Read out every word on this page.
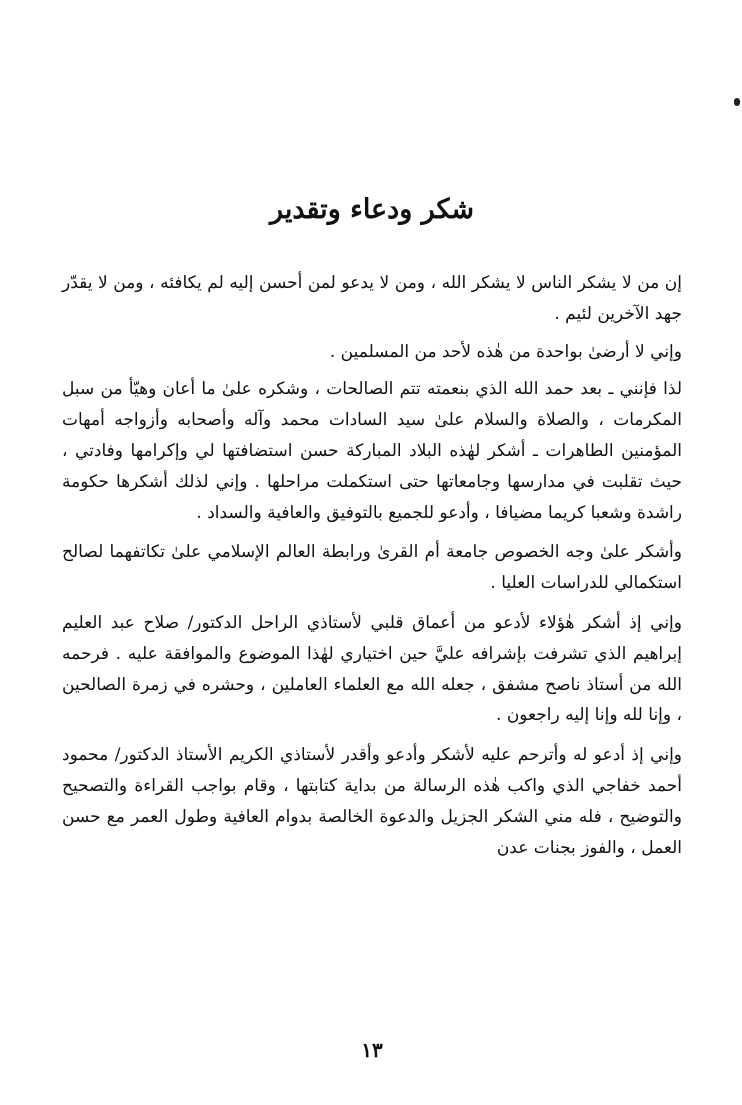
شكر ودعاء وتقدير

إن من لا يشكر الناس لا يشكر الله ، ومن لا يدعو لمن أحسن إليه لم يكافئه ، ومن لا يقدّر جهد الآخرين لئيم .

وإني لا أرضىٰ بواحدة من هٰذه لأحد من المسلمين .

لذا فإنني ـ بعد حمد الله الذي بنعمته تتم الصالحات ، وشكره علىٰ ما أعان وهيّأ من سبل المكرمات ، والصلاة والسلام علىٰ سيد السادات محمد وآله وأصحابه وأزواجه أمهات المؤمنين الطاهرات ـ أشكر لهٰذه البلاد المباركة حسن استضافتها لي وإكرامها وفادتي ، حيث تقلبت في مدارسها وجامعاتها حتى استكملت مراحلها . وإني لذلك أشكرها حكومة راشدة وشعبا كريما مضيافا ، وأدعو للجميع بالتوفيق والعافية والسداد .

وأشكر علىٰ وجه الخصوص جامعة أم القرىٰ ورابطة العالم الإسلامي علىٰ تكاتفهما لصالح استكمالي للدراسات العليا .

وإني إذ أشكر هٰؤلاء لأدعو من أعماق قلبي لأستاذي الراحل الدكتور/ صلاح عبد العليم إبراهيم الذي تشرفت بإشرافه عليَّ حين اختياري لهٰذا الموضوع والموافقة عليه . فرحمه الله من أستاذ ناصح مشفق ، جعله الله مع العلماء العاملين ، وحشره في زمرة الصالحين ، وإنا لله وإنا إليه راجعون .

وإني إذ أدعو له وأترحم عليه لأشكر وأدعو وأقدر لأستاذي الكريم الأستاذ الدكتور/ محمود أحمد خفاجي الذي واكب هٰذه الرسالة من بداية كتابتها ، وقام بواجب القراءة والتصحيح والتوضيح ، فله مني الشكر الجزيل والدعوة الخالصة بدوام العافية وطول العمر مع حسن العمل ، والفوز بجنات عدن

١٣
